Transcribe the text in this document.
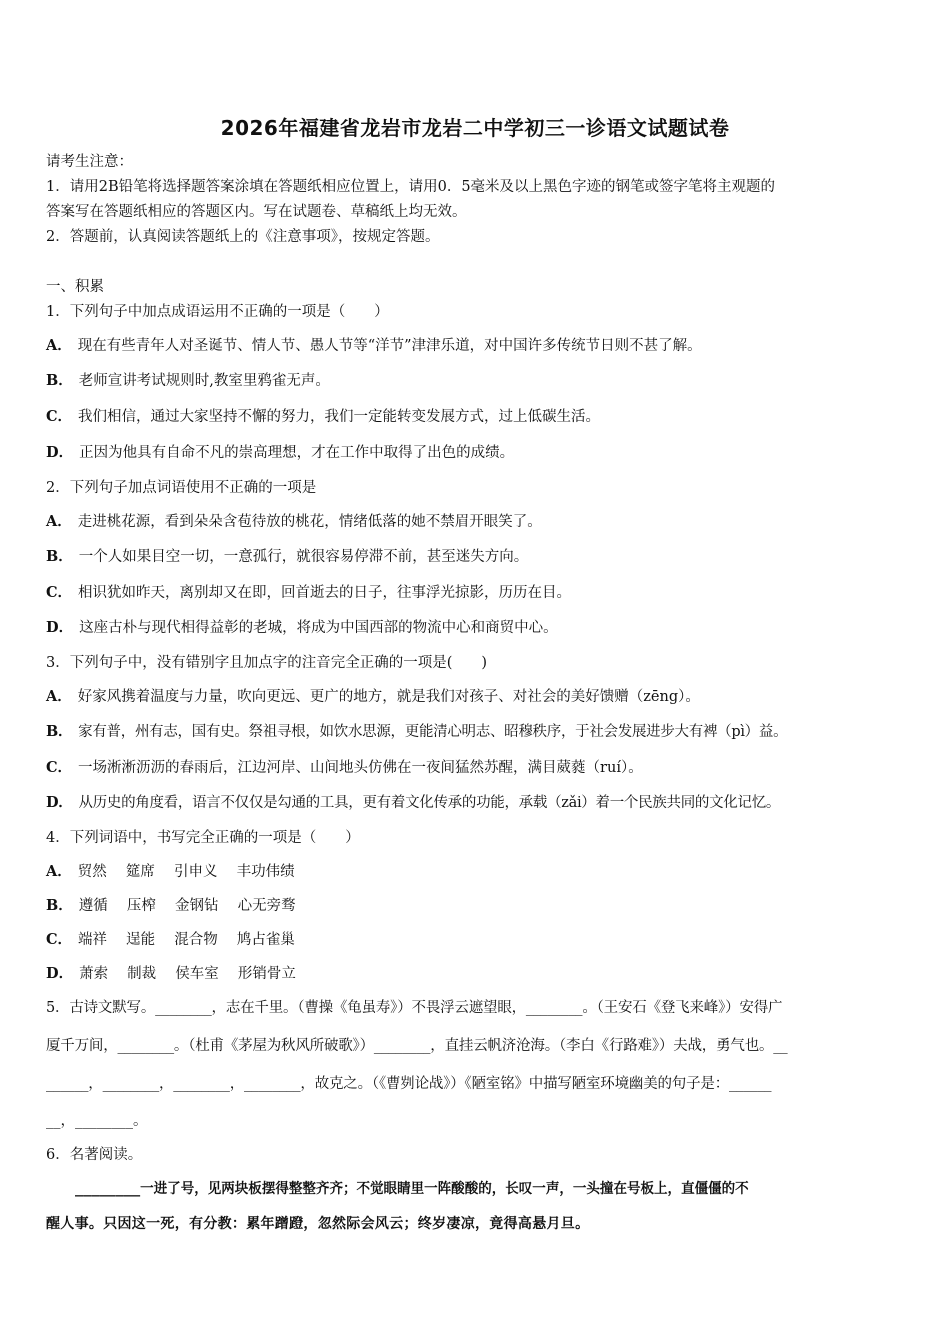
2026年福建省龙岩市龙岩二中学初三一诊语文试题试卷
请考生注意：
1．请用2B铅笔将选择题答案涂填在答题纸相应位置上，请用0．5毫米及以上黑色字迹的钢笔或签字笔将主观题的
答案写在答题纸相应的答题区内。写在试题卷、草稿纸上均无效。
2．答题前，认真阅读答题纸上的《注意事项》，按规定答题。
一、积累
1．下列句子中加点成语运用不正确的一项是（　　）
A． 现在有些青年人对圣诞节、情人节、愚人节等“洋节”津津乐道，对中国许多传统节日则不甚了解。
B． 老师宣讲考试规则时,教室里鸦雀无声。
C． 我们相信，通过大家坚持不懈的努力，我们一定能转变发展方式，过上低碳生活。
D． 正因为他具有自命不凡的崇高理想，才在工作中取得了出色的成绩。
2．下列句子加点词语使用不正确的一项是
A． 走进桃花源，看到朵朵含苞待放的桃花，情绪低落的她不禁眉开眼笑了。
B． 一个人如果目空一切，一意孤行，就很容易停滞不前，甚至迷失方向。
C． 相识犹如昨天，离别却又在即，回首逝去的日子，往事浮光掠影，历历在目。
D． 这座古朴与现代相得益彰的老城，将成为中国西部的物流中心和商贸中心。
3．下列句子中，没有错别字且加点字的注音完全正确的一项是(　　)
A． 好家风携着温度与力量，吹向更远、更广的地方，就是我们对孩子、对社会的美好馈赠（zēng）。
B． 家有普，州有志，国有史。祭祖寻根，如饮水思源，更能清心明志、昭穆秩序，于社会发展进步大有裨（pì）益。
C． 一场淅淅沥沥的春雨后，江边河岸、山间地头仿佛在一夜间猛然苏醒，满目葳蕤（ruí）。
D． 从历史的角度看，语言不仅仅是勾通的工具，更有着文化传承的功能，承载（zǎi）着一个民族共同的文化记忆。
4．下列词语中，书写完全正确的一项是（　　）
A． 贸然　 筵席　 引申义　 丰功伟绩
B． 遵循　 压榨　 金钢钻　 心无旁骛
C． 端祥　 逞能　 混合物　 鸠占雀巢
D． 萧索　 制裁　 侯车室　 形销骨立
5．古诗文默写。________，志在千里。（曹操《龟虽寿》）不畏浮云遮望眼，________。（王安石《登飞来峰》）安得广
厦千万间，________。（杜甫《茅屋为秋风所破歌》）________，直挂云帆济沧海。（李白《行路难》）夫战，勇气也。__
______，________，________，________，故克之。（《曹刿论战》）《陋室铭》中描写陋室环境幽美的句子是：______
__，________。
6．名著阅读。
________一进了号，见两块板摆得整整齐齐；不觉眼睛里一阵酸酸的，长叹一声，一头撞在号板上，直僵僵的不
醒人事。只因这一死，有分教：累年蹭蹬，忽然际会风云；终岁凄凉，竟得高悬月旦。
